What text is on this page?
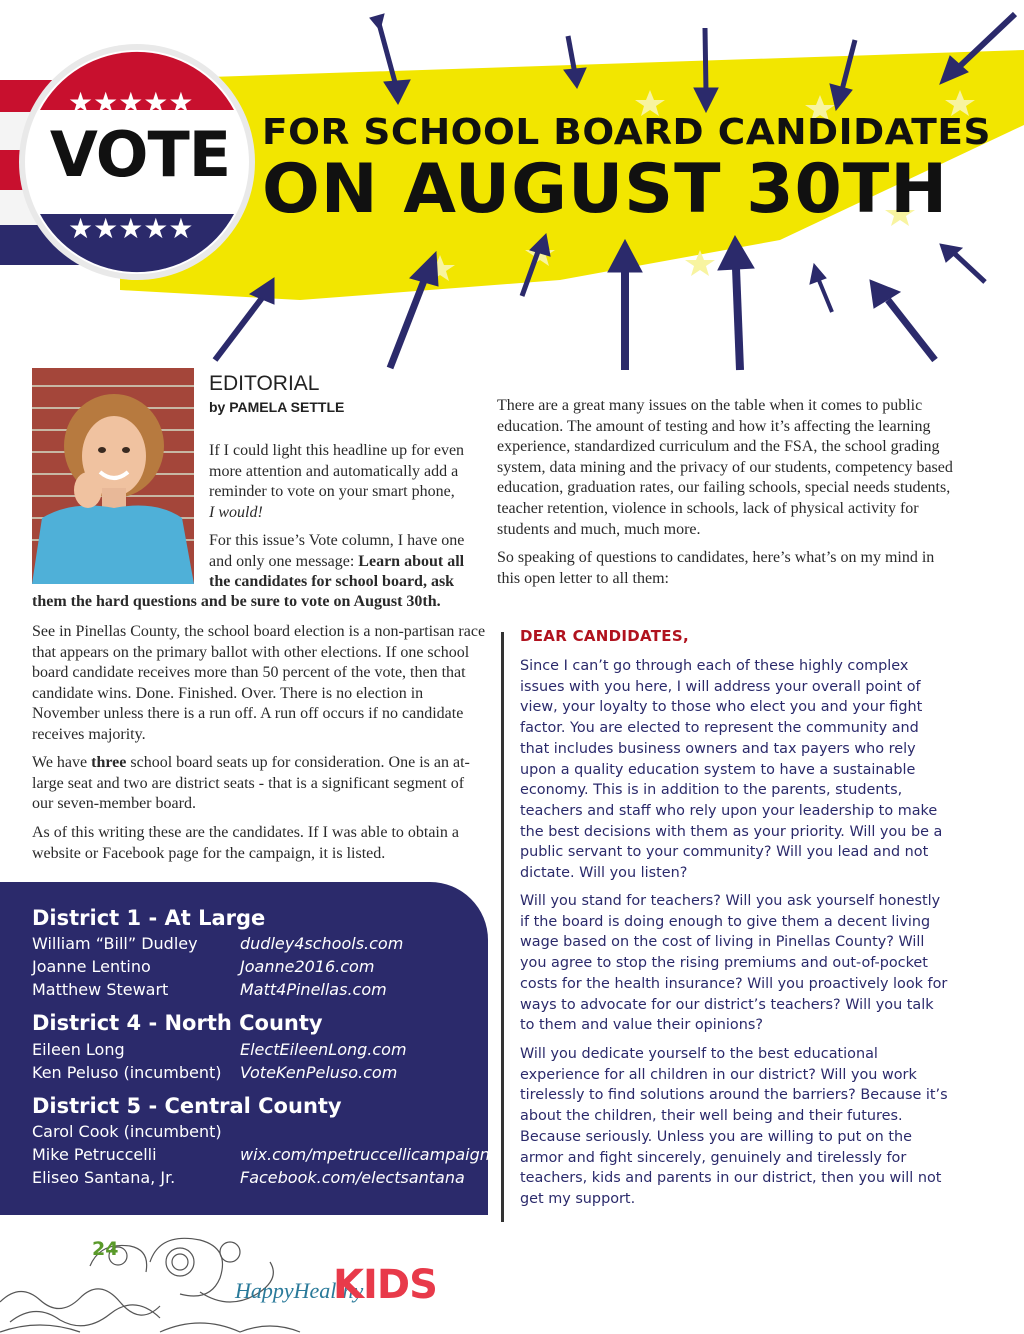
★★★★★
★★★★★
VOTE FOR SCHOOL BOARD CANDIDATES
ON AUGUST 30TH
EDITORIAL
by PAMELA SETTLE

If I could light this headline up for even more attention and automatically add a reminder to vote on your smart phone,
I would!

For this issue’s Vote column, I have one and only one message: Learn about all the candidates for school board, ask

them the hard questions and be sure to vote on August 30th.

See in Pinellas County, the school board election is a non-partisan race that appears on the primary ballot with other elections. If one school board candidate receives more than 50 percent of the vote, then that candidate wins. Done. Finished. Over. There is no election in November unless there is a run off. A run off occurs if no candidate receives majority.

We have three school board seats up for consideration. One is an at-large seat and two are district seats - that is a significant segment of our seven-member board.

As of this writing these are the candidates. If I was able to obtain a website or Facebook page for the campaign, it is listed.

There are a great many issues on the table when it comes to public education. The amount of testing and how it’s affecting the learning experience, standardized curriculum and the FSA, the school grading system, data mining and the privacy of our students, competency based education, graduation rates, our failing schools, special needs students, teacher retention, violence in schools, lack of physical activity for students and much, much more.

So speaking of questions to candidates, here’s what’s on my mind in this open letter to all them:

District 1 - At Large
William “Bill” Dudley	dudley4schools.com
Joanne Lentino	Joanne2016.com
Matthew Stewart	Matt4Pinellas.com
District 4 - North County
Eileen Long	ElectEileenLong.com
Ken Peluso (incumbent) VoteKenPeluso.com
District 5 - Central County
Carol Cook (incumbent)
Mike Petruccelli	wix.com/mpetruccellicampaign
Eliseo Santana, Jr.	Facebook.com/electsantana
DEAR CANDIDATES,

Since I can’t go through each of these highly complex issues with you here, I will address your overall point of view, your loyalty to those who elect you and your fight factor. You are elected to represent the community and that includes business owners and tax payers who rely upon a quality education system to have a sustainable economy. This is in addition to the parents, students, teachers and staff who rely upon your leadership to make the best decisions with them as your priority. Will you be a public servant to your community? Will you lead and not dictate. Will you listen?

Will you stand for teachers? Will you ask yourself honestly if the board is doing enough to give them a decent living wage based on the cost of living in Pinellas County? Will you agree to stop the rising premiums and out-of-pocket costs for the health insurance? Will you proactively look for ways to advocate for our district’s teachers? Will you talk to them and value their opinions?

Will you dedicate yourself to the best educational experience for all children in our district? Will you work tirelessly to find solutions around the barriers? Because it’s about the children, their well being and their futures. Because seriously. Unless you are willing to put on the armor and fight sincerely, genuinely and tirelessly for teachers, kids and parents in our district, then you will not get my support.

24
HappyHealthy
KIDS
